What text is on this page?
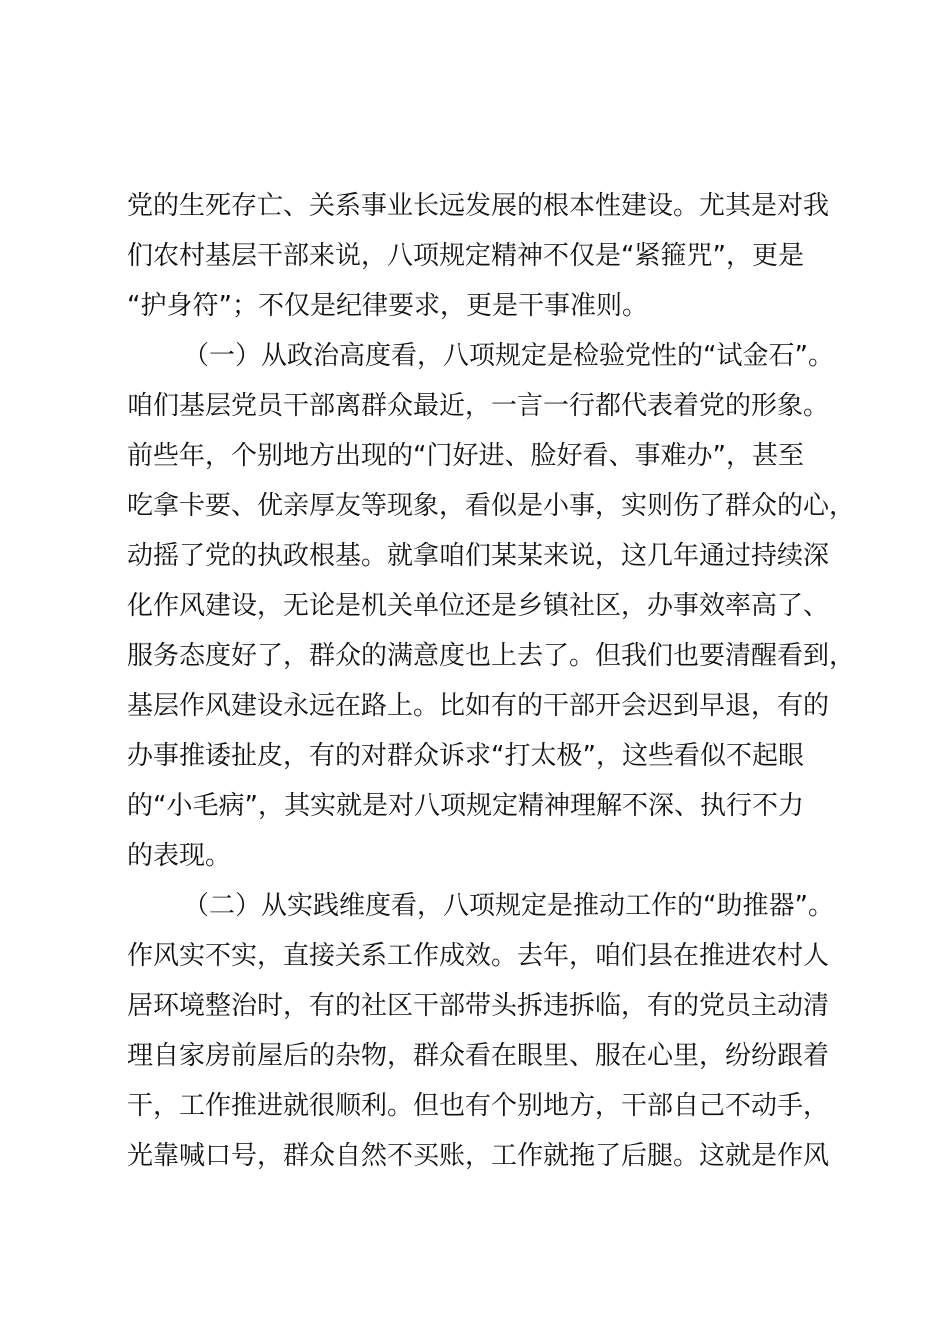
党的生死存亡、关系事业长远发展的根本性建设。尤其是对我
们农村基层干部来说，八项规定精神不仅是“紧箍咒”，更是
“护身符”；不仅是纪律要求，更是干事准则。
（一）从政治高度看，八项规定是检验党性的“试金石”。
咱们基层党员干部离群众最近，一言一行都代表着党的形象。
前些年，个别地方出现的“门好进、脸好看、事难办”，甚至
吃拿卡要、优亲厚友等现象，看似是小事，实则伤了群众的心，
动摇了党的执政根基。就拿咱们某某来说，这几年通过持续深
化作风建设，无论是机关单位还是乡镇社区，办事效率高了、
服务态度好了，群众的满意度也上去了。但我们也要清醒看到，
基层作风建设永远在路上。比如有的干部开会迟到早退，有的
办事推诿扯皮，有的对群众诉求“打太极”，这些看似不起眼
的“小毛病”，其实就是对八项规定精神理解不深、执行不力
的表现。
（二）从实践维度看，八项规定是推动工作的“助推器”。
作风实不实，直接关系工作成效。去年，咱们县在推进农村人
居环境整治时，有的社区干部带头拆违拆临，有的党员主动清
理自家房前屋后的杂物，群众看在眼里、服在心里，纷纷跟着
干，工作推进就很顺利。但也有个别地方，干部自己不动手，
光靠喊口号，群众自然不买账，工作就拖了后腿。这就是作风
